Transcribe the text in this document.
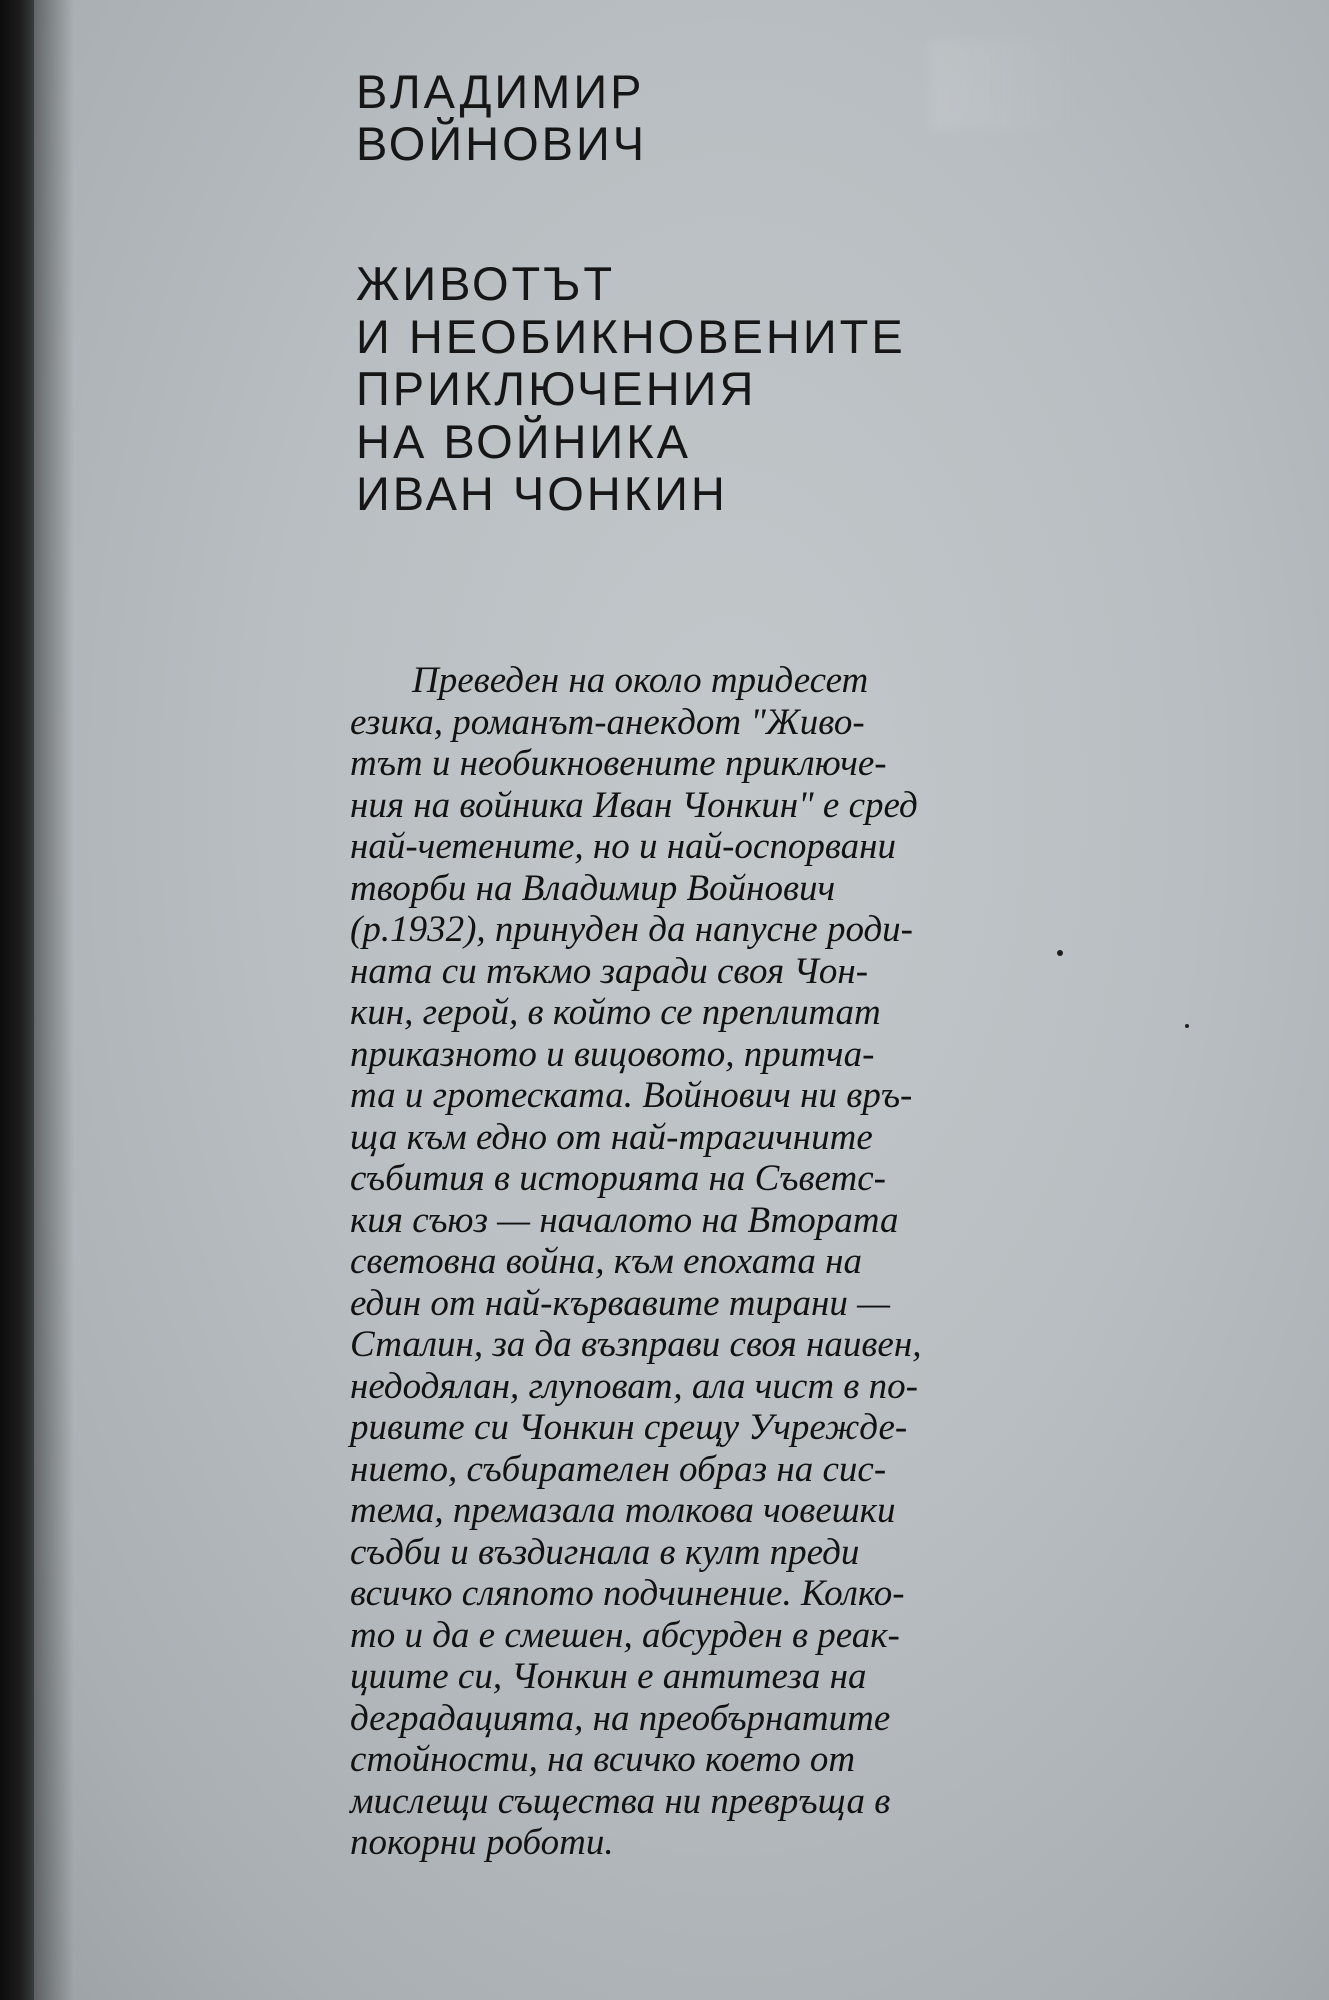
ВЛАДИМИР
ВОЙНОВИЧ
ЖИВОТЪТ
И НЕОБИКНОВЕНИТЕ
ПРИКЛЮЧЕНИЯ
НА ВОЙНИКА
ИВАН ЧОНКИН
Преведен на около тридесет
езика, романът-анекдот "Живо-
тът и необикновените приключе-
ния на войника Иван Чонкин" е сред
най-четените, но и най-оспорвани
творби на Владимир Войнович
(р.1932), принуден да напусне роди-
ната си тъкмо заради своя Чон-
кин, герой, в който се преплитат
приказното и вицовото, притча-
та и гротеската. Войнович ни връ-
ща към едно от най-трагичните
събития в историята на Съветс-
кия съюз — началото на Втората
световна война, към епохата на
един от най-кървавите тирани —
Сталин, за да възправи своя наивен,
недодялан, глуповат, ала чист в по-
ривите си Чонкин срещу Учрежде-
нието, събирателен образ на сис-
тема, премазала толкова човешки
съдби и въздигнала в култ преди
всичко сляпото подчинение. Колко-
то и да е смешен, абсурден в реак-
циите си, Чонкин е антитеза на
деградацията, на преобърнатите
стойности, на всичко което от
мислещи същества ни превръща в
покорни роботи.
